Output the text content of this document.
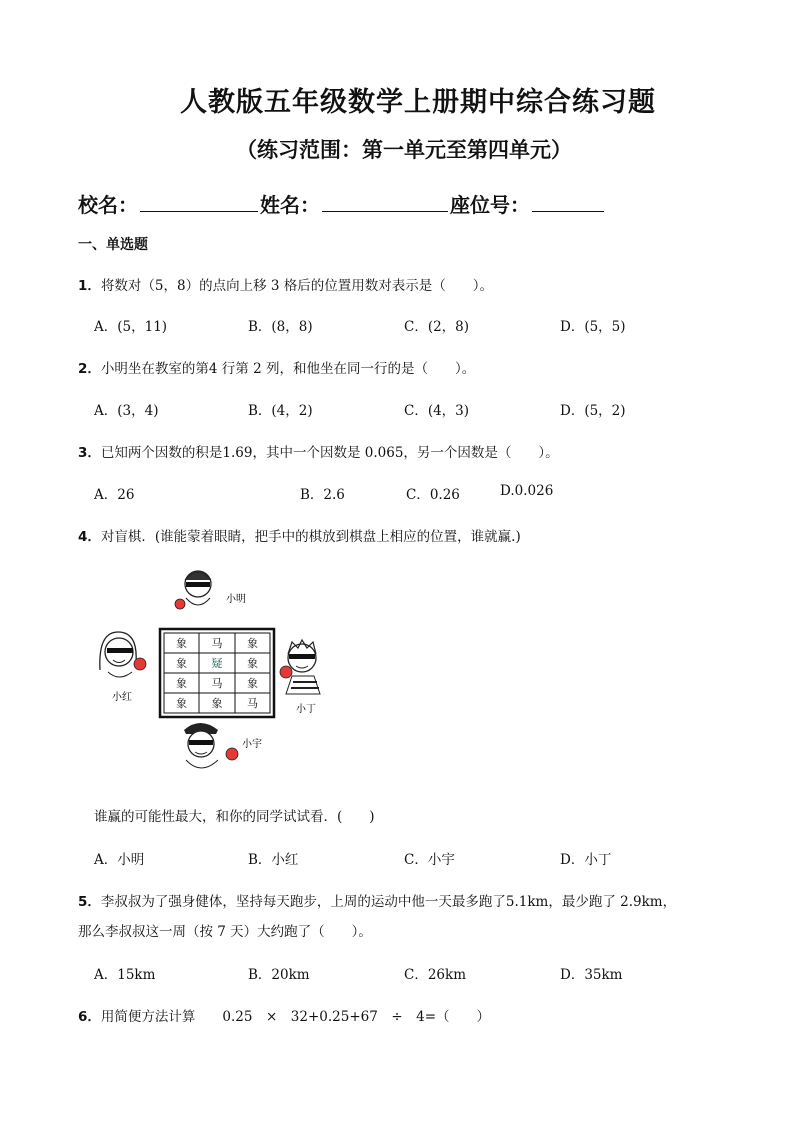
人教版五年级数学上册期中综合练习题
（练习范围：第一单元至第四单元）
校名：	姓名：	座位号：
一、单选题
1．将数对（5，8）的点向上移 3 格后的位置用数对表示是（　　）。
A．(5，11)	B．(8，8)	C．(2，8)	D．(5，5)
2．小明坐在教室的第4 行第 2 列，和他坐在同一行的是（　　）。
A．(3，4)	B．(4，2)	C．(4，3)	D．(5，2)
3．已知两个因数的积是1.69，其中一个因数是 0.065，另一个因数是（　　）。
A．26	B．2.6	C．0.26	D.0.026
4．对盲棋．(谁能蒙着眼睛，把手中的棋放到棋盘上相应的位置，谁就赢.)
小明
小红
小丁
小宇
象 马 象
象 疑 象
象 马 象
象 象 马
谁赢的可能性最大，和你的同学试试看．(　　)
A．小明	B．小红	C．小宇	D．小丁
5．李叔叔为了强身健体，坚持每天跑步，上周的运动中他一天最多跑了5.1km，最少跑了 2.9km，
那么李叔叔这一周（按 7 天）大约跑了（　　）。
A．15km	B．20km	C．26km	D．35km
6．用简便方法计算　　0.25　×　32+0.25+67　÷　4=（　　）
